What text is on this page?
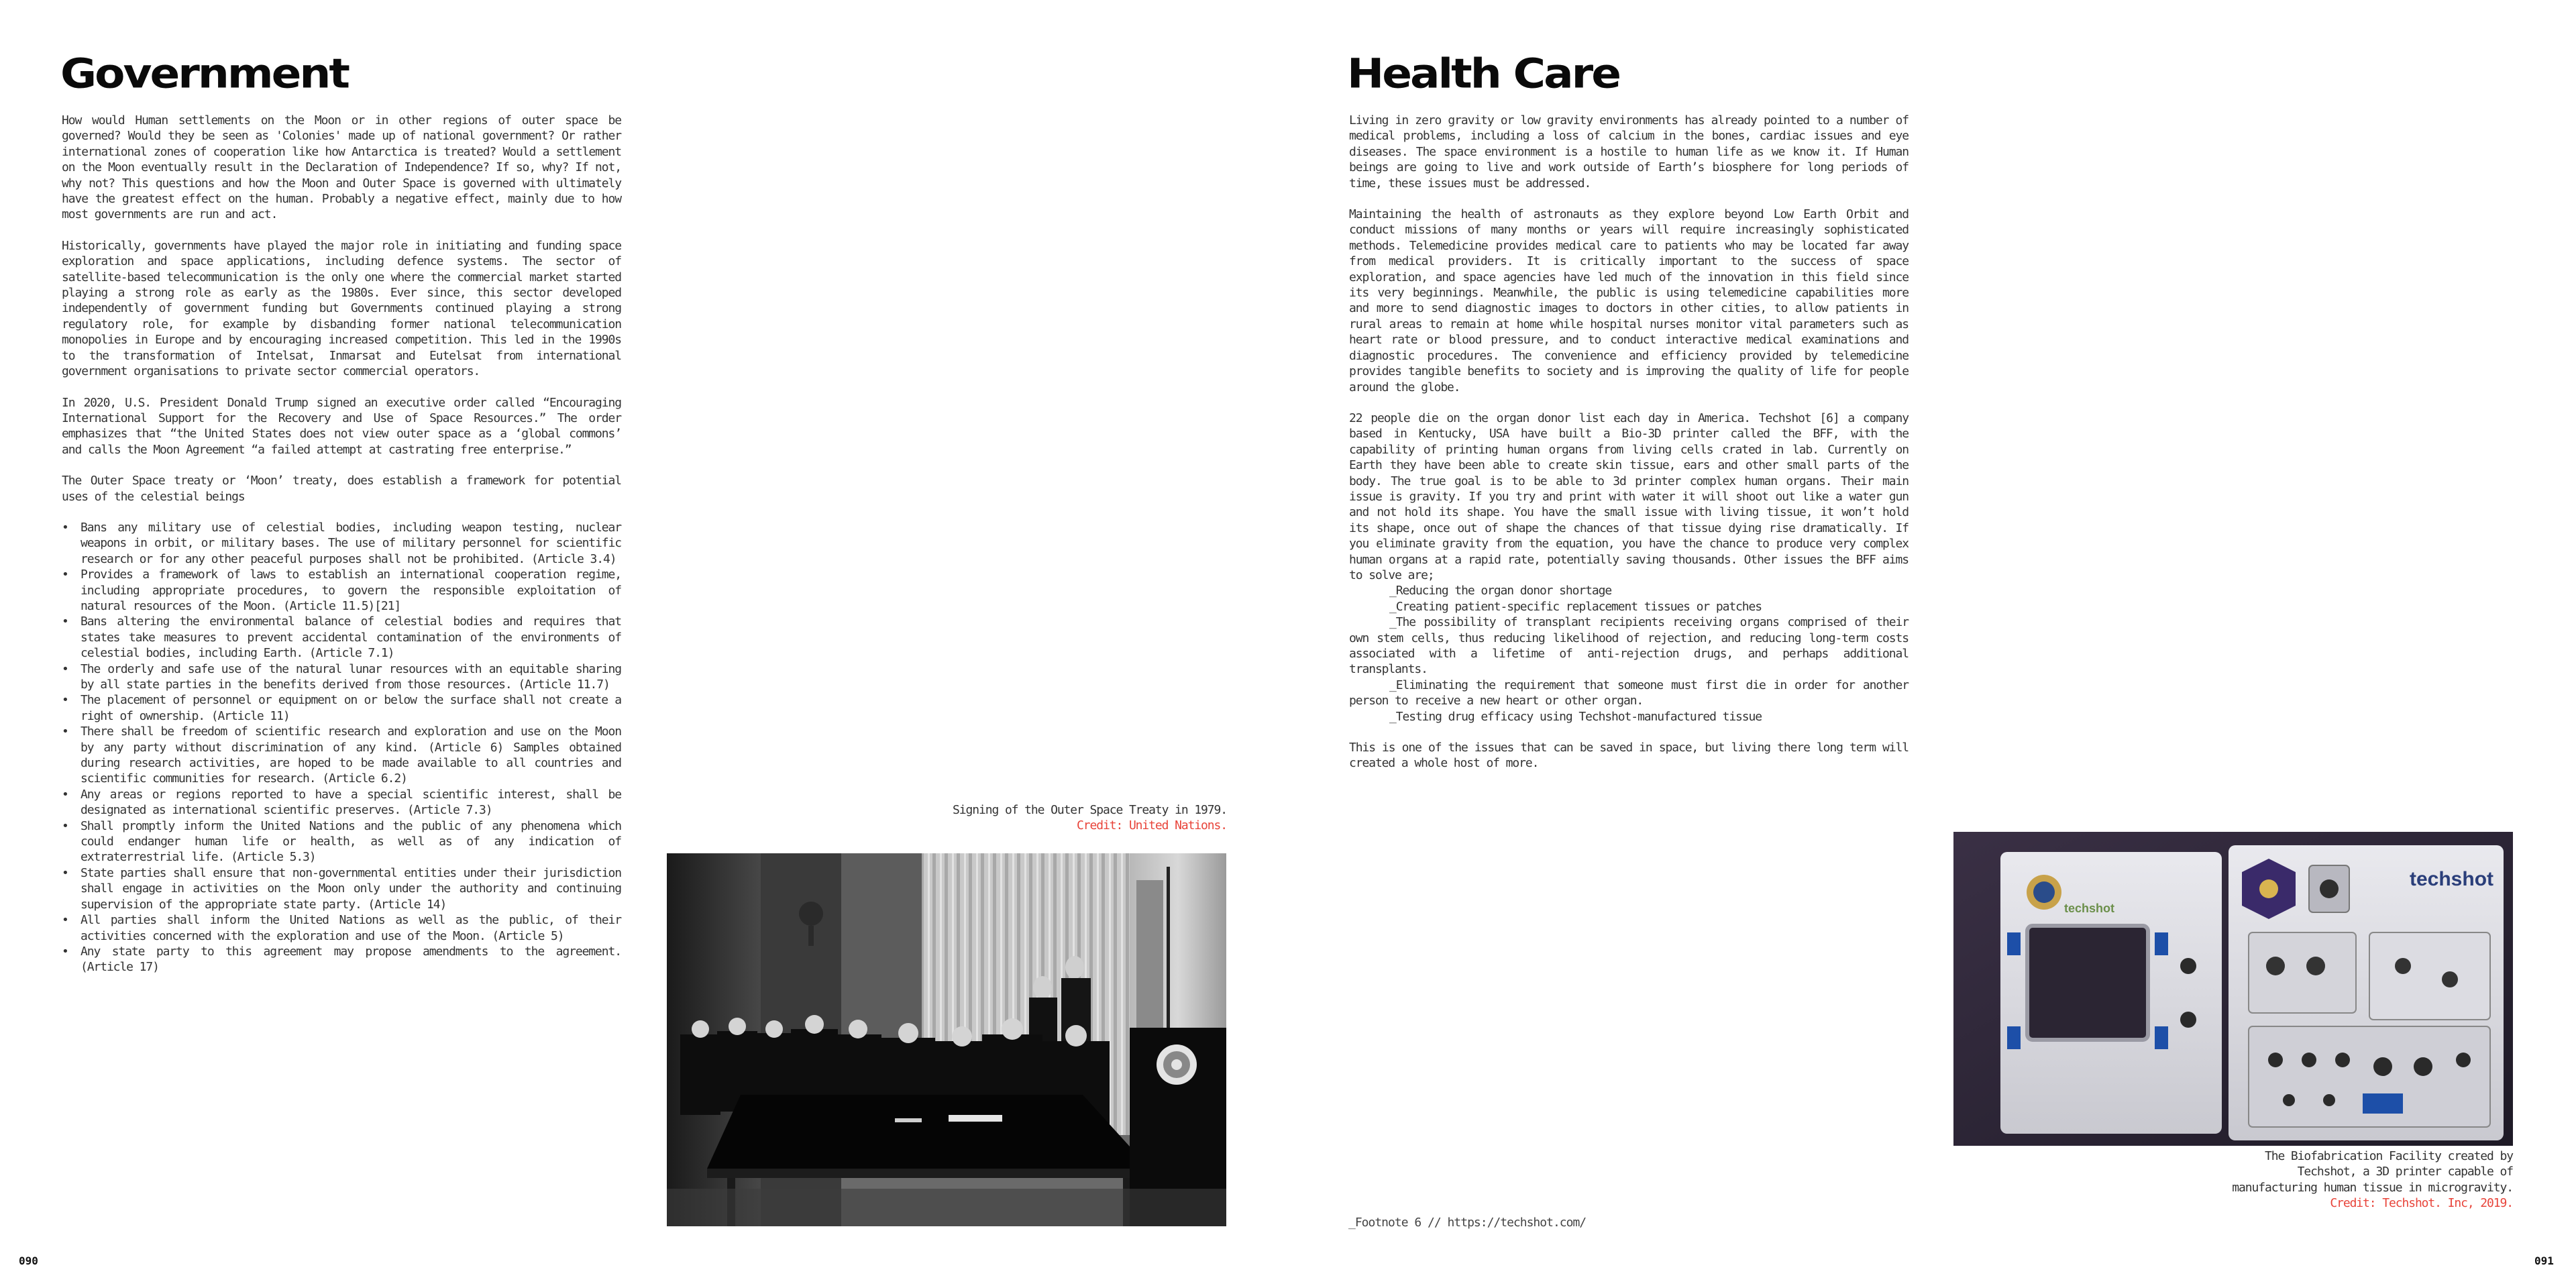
Government

How would Human settlements on the Moon or in other regions of outer space be governed? Would they be seen as 'Colonies' made up of national government? Or rather international zones of cooperation like how Antarctica is treated? Would a settlement on the Moon eventually result in the Declaration of Independence? If so, why? If not, why not? This questions and how the Moon and Outer Space is governed with ultimately have the greatest effect on the human. Probably a negative effect, mainly due to how most governments are run and act.

Historically, governments have played the major role in initiating and funding space exploration and space applications, including defence systems. The sector of satellite-based telecommunication is the only one where the commercial market started playing a strong role as early as the 1980s. Ever since, this sector developed independently of government funding but Governments continued playing a strong regulatory role, for example by disbanding former national telecommunication monopolies in Europe and by encouraging increased competition. This led in the 1990s to the transformation of Intelsat, Inmarsat and Eutelsat from international government organisations to private sector commercial operators.

In 2020, U.S. President Donald Trump signed an executive order called “Encouraging International Support for the Recovery and Use of Space Resources.” The order emphasizes that “the United States does not view outer space as a ‘global commons’ and calls the Moon Agreement “a failed attempt at castrating free enterprise.”

The Outer Space treaty or ‘Moon’ treaty, does establish a framework for potential uses of the celestial beings

• Bans any military use of celestial bodies, including weapon testing, nuclear weapons in orbit, or military bases. The use of military personnel for scientific research or for any other peaceful purposes shall not be prohibited. (Article 3.4)
• Provides a framework of laws to establish an international cooperation regime, including appropriate procedures, to govern the responsible exploitation of natural resources of the Moon. (Article 11.5)[21]
• Bans altering the environmental balance of celestial bodies and requires that states take measures to prevent accidental contamination of the environments of celestial bodies, including Earth. (Article 7.1)
• The orderly and safe use of the natural lunar resources with an equitable sharing by all state parties in the benefits derived from those resources. (Article 11.7)
• The placement of personnel or equipment on or below the surface shall not create a right of ownership. (Article 11)
• There shall be freedom of scientific research and exploration and use on the Moon by any party without discrimination of any kind. (Article 6) Samples obtained during research activities, are hoped to be made available to all countries and scientific communities for research. (Article 6.2)
• Any areas or regions reported to have a special scientific interest, shall be designated as international scientific preserves. (Article 7.3)
• Shall promptly inform the United Nations and the public of any phenomena which could endanger human life or health, as well as of any indication of extraterrestrial life. (Article 5.3)
• State parties shall ensure that non-governmental entities under their jurisdiction shall engage in activities on the Moon only under the authority and continuing supervision of the appropriate state party. (Article 14)
• All parties shall inform the United Nations as well as the public, of their activities concerned with the exploration and use of the Moon. (Article 5)
• Any state party to this agreement may propose amendments to the agreement. (Article 17)
Signing of the Outer Space Treaty in 1979.
Credit: United Nations.
090
Health Care

Living in zero gravity or low gravity environments has already pointed to a number of medical problems, including a loss of calcium in the bones, cardiac issues and eye diseases. The space environment is a hostile to human life as we know it. If Human beings are going to live and work outside of Earth’s biosphere for long periods of time, these issues must be addressed.

Maintaining the health of astronauts as they explore beyond Low Earth Orbit and conduct missions of many months or years will require increasingly sophisticated methods. Telemedicine provides medical care to patients who may be located far away from medical providers. It is critically important to the success of space exploration, and space agencies have led much of the innovation in this field since its very beginnings. Meanwhile, the public is using telemedicine capabilities more and more to send diagnostic images to doctors in other cities, to allow patients in rural areas to remain at home while hospital nurses monitor vital parameters such as heart rate or blood pressure, and to conduct interactive medical examinations and diagnostic procedures. The convenience and efficiency provided by telemedicine provides tangible benefits to society and is improving the quality of life for people around the globe.

22 people die on the organ donor list each day in America. Techshot [6] a company based in Kentucky, USA have built a Bio-3D printer called the BFF, with the capability of printing human organs from living cells crated in lab. Currently on Earth they have been able to create skin tissue, ears and other small parts of the body. The true goal is to be able to 3d printer complex human organs. Their main issue is gravity. If you try and print with water it will shoot out like a water gun and not hold its shape. You have the small issue with living tissue, it won’t hold its shape, once out of shape the chances of that tissue dying rise dramatically. If you eliminate gravity from the equation, you have the chance to produce very complex human organs at a rapid rate, potentially saving thousands. Other issues the BFF aims to solve are;

_Reducing the organ donor shortage
_Creating patient-specific replacement tissues or patches
_The possibility of transplant recipients receiving organs comprised of their own stem cells, thus reducing likelihood of rejection, and reducing long-term costs associated with a lifetime of anti-rejection drugs, and perhaps additional transplants.
_Eliminating the requirement that someone must first die in order for another person to receive a new heart or other organ.
_Testing drug efficacy using Techshot-manufactured tissue

This is one of the issues that can be saved in space, but living there long term will created a whole host of more.

techshot
techshot
The Biofabrication Facility created by Techshot, a 3D printer capable of manufacturing human tissue in microgravity.
Credit: Techshot. Inc, 2019.
_Footnote 6 // https://techshot.com/
091
